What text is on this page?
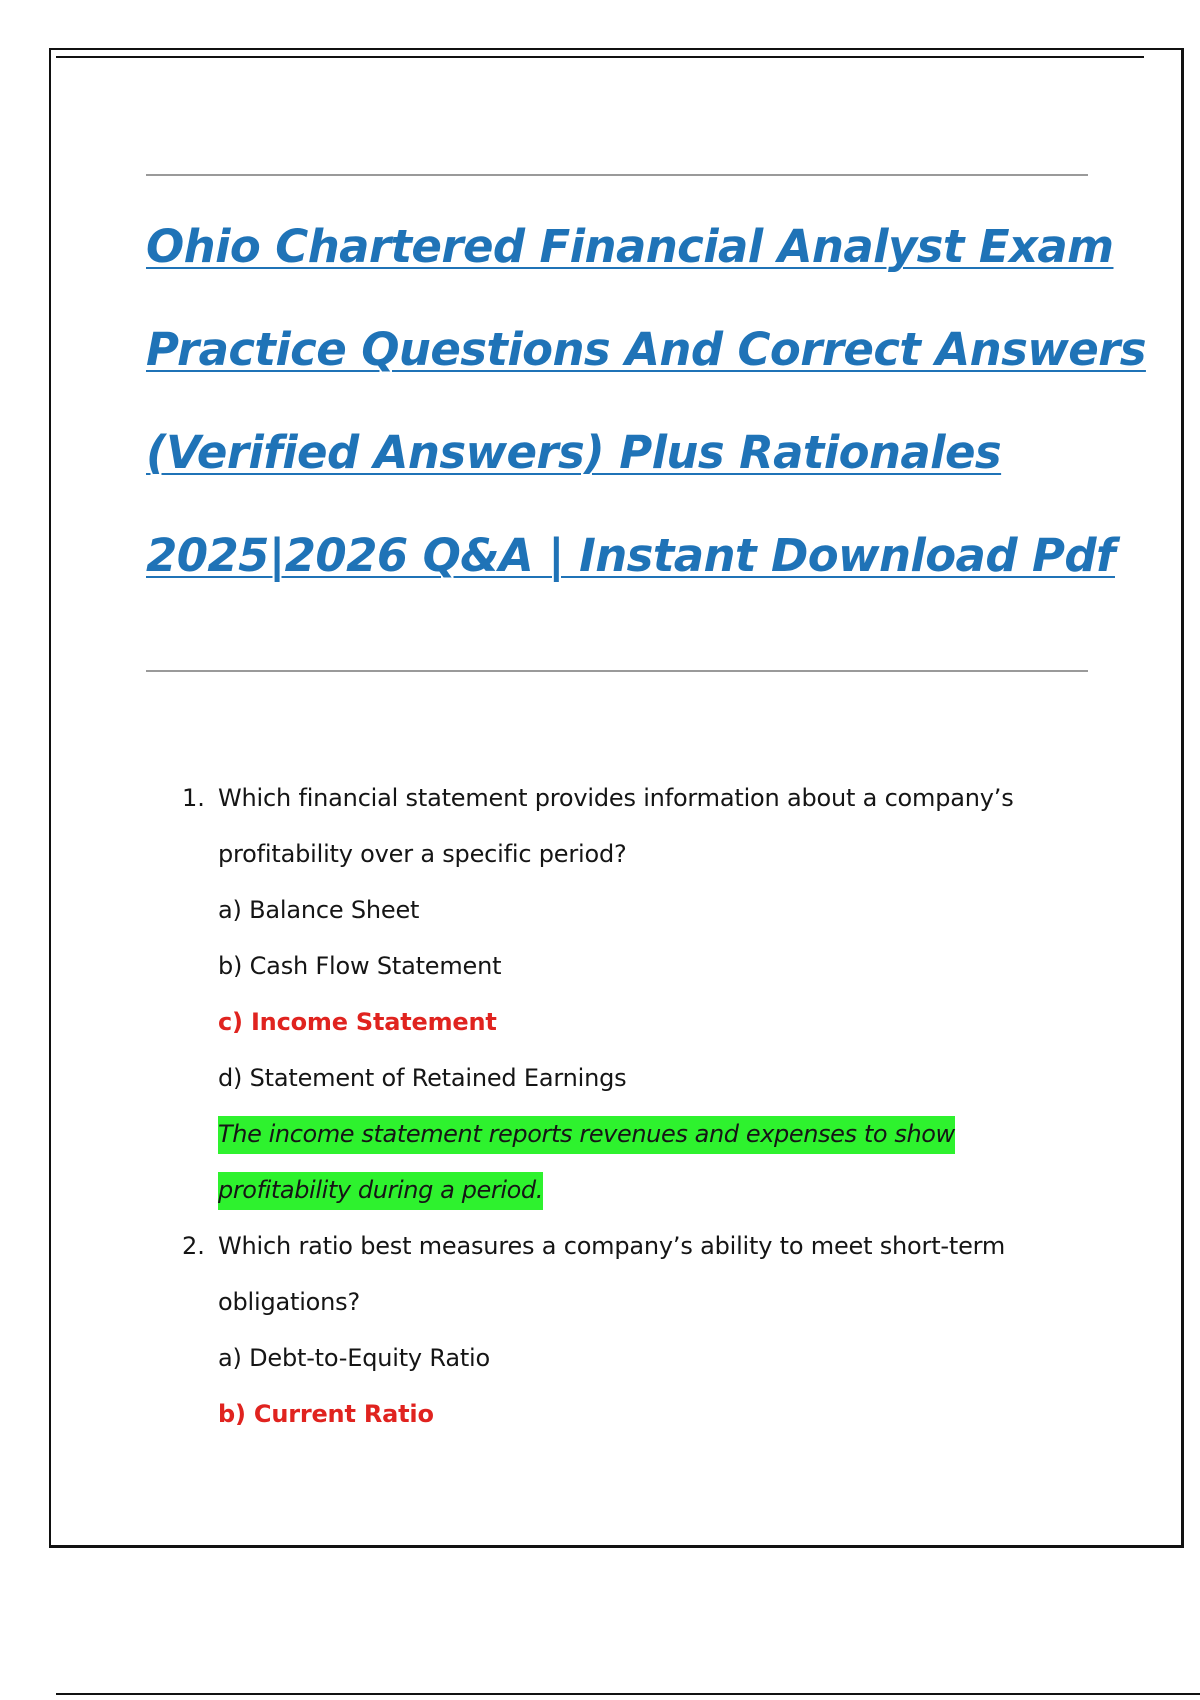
Ohio Chartered Financial Analyst Exam
Practice Questions And Correct Answers
(Verified Answers) Plus Rationales
2025|2026 Q&A | Instant Download Pdf
1. Which financial statement provides information about a company’s profitability over a specific period?
a) Balance Sheet
b) Cash Flow Statement
c) Income Statement
d) Statement of Retained Earnings
The income statement reports revenues and expenses to show profitability during a period.
2. Which ratio best measures a company’s ability to meet short-term obligations?
a) Debt-to-Equity Ratio
b) Current Ratio
